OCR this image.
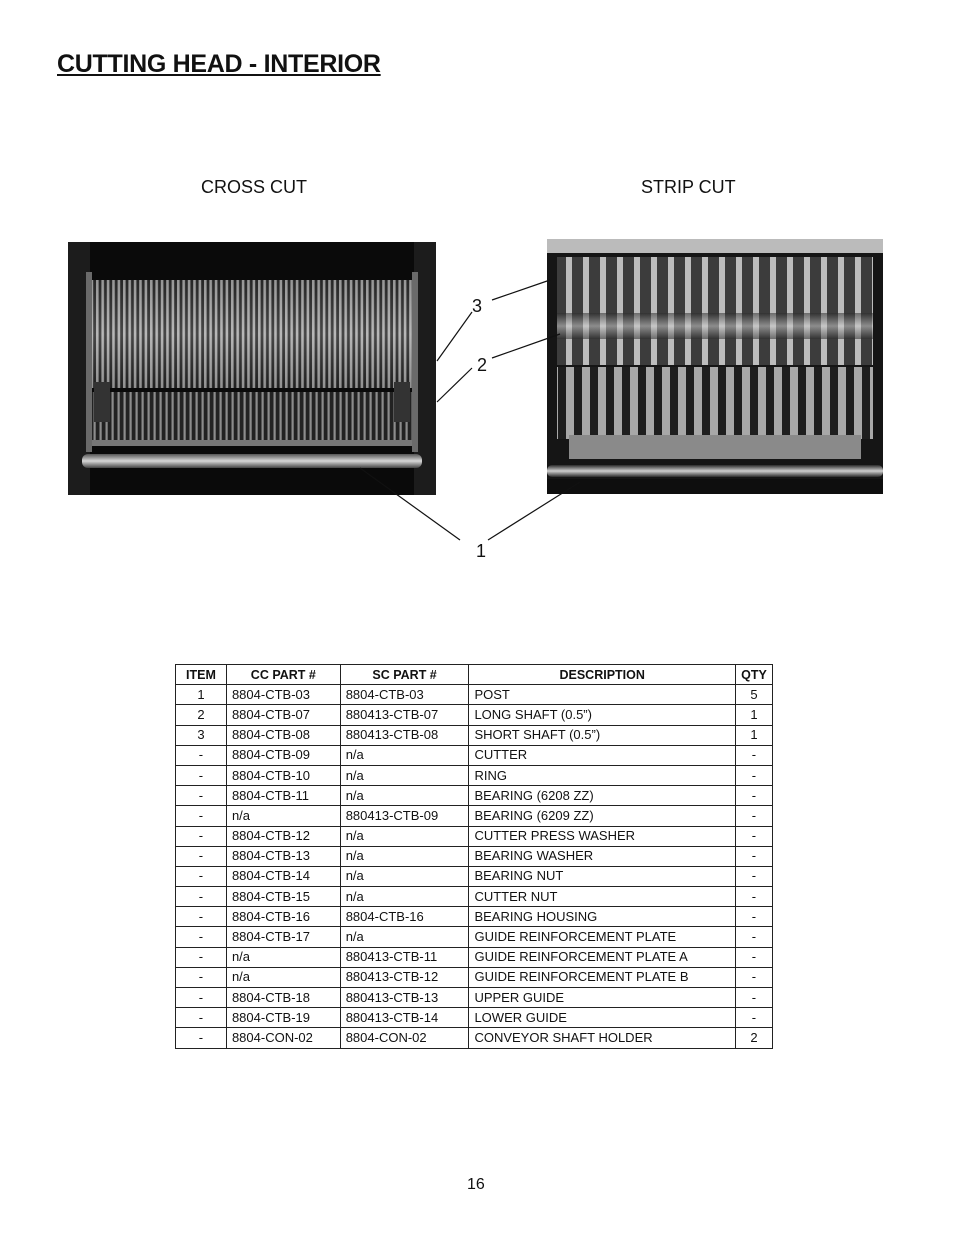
CUTTING HEAD - INTERIOR
CROSS CUT	STRIP CUT
3
2
1
ITEM	CC PART #	SC PART #	DESCRIPTION	QTY
1	8804-CTB-03	8804-CTB-03	POST	5
2	8804-CTB-07	880413-CTB-07	LONG SHAFT (0.5”)	1
3	8804-CTB-08	880413-CTB-08	SHORT SHAFT (0.5”)	1
-	8804-CTB-09	n/a	CUTTER	-
-	8804-CTB-10	n/a	RING	-
-	8804-CTB-11	n/a	BEARING (6208 ZZ)	-
-	n/a	880413-CTB-09	BEARING (6209 ZZ)	-
-	8804-CTB-12	n/a	CUTTER PRESS WASHER	-
-	8804-CTB-13	n/a	BEARING WASHER	-
-	8804-CTB-14	n/a	BEARING NUT	-
-	8804-CTB-15	n/a	CUTTER NUT	-
-	8804-CTB-16	8804-CTB-16	BEARING HOUSING	-
-	8804-CTB-17	n/a	GUIDE REINFORCEMENT PLATE	-
-	n/a	880413-CTB-11	GUIDE REINFORCEMENT PLATE A	-
-	n/a	880413-CTB-12	GUIDE REINFORCEMENT PLATE B	-
-	8804-CTB-18	880413-CTB-13	UPPER GUIDE	-
-	8804-CTB-19	880413-CTB-14	LOWER GUIDE	-
-	8804-CON-02	8804-CON-02	CONVEYOR SHAFT HOLDER	2
16
